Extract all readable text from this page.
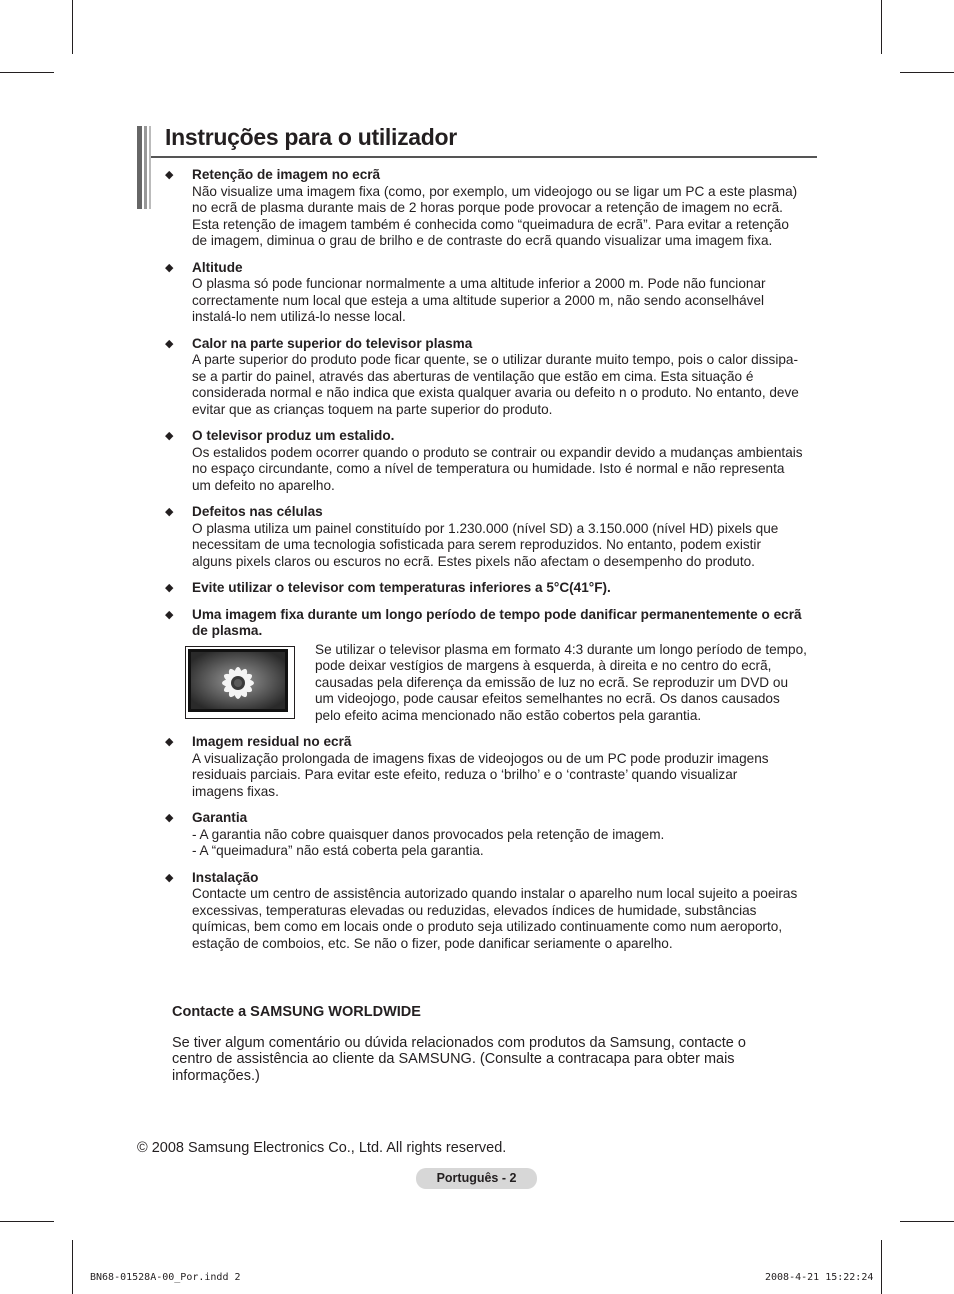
Instruções para o utilizador
◆ Retenção de imagem no ecrã
Não visualize uma imagem fixa (como, por exemplo, um videojogo ou se ligar um PC a este plasma)
no ecrã de plasma durante mais de 2 horas porque pode provocar a retenção de imagem no ecrã.
Esta retenção de imagem também é conhecida como “queimadura de ecrã”. Para evitar a retenção
de imagem, diminua o grau de brilho e de contraste do ecrã quando visualizar uma imagem fixa.
◆ Altitude
O plasma só pode funcionar normalmente a uma altitude inferior a 2000 m. Pode não funcionar
correctamente num local que esteja a uma altitude superior a 2000 m, não sendo aconselhável
instalá-lo nem utilizá-lo nesse local.
◆ Calor na parte superior do televisor plasma
A parte superior do produto pode ficar quente, se o utilizar durante muito tempo, pois o calor dissipa-
se a partir do painel, através das aberturas de ventilação que estão em cima. Esta situação é
considerada normal e não indica que exista qualquer avaria ou defeito n o produto. No entanto, deve
evitar que as crianças toquem na parte superior do produto.
◆ O televisor produz um estalido.
Os estalidos podem ocorrer quando o produto se contrair ou expandir devido a mudanças ambientais
no espaço circundante, como a nível de temperatura ou humidade. Isto é normal e não representa
um defeito no aparelho.
◆ Defeitos nas células
O plasma utiliza um painel constituído por 1.230.000 (nível SD) a 3.150.000 (nível HD) pixels que
necessitam de uma tecnologia sofisticada para serem reproduzidos. No entanto, podem existir
alguns pixels claros ou escuros no ecrã. Estes pixels não afectam o desempenho do produto.
◆ Evite utilizar o televisor com temperaturas inferiores a 5°C(41°F).
◆ Uma imagem fixa durante um longo período de tempo pode danificar permanentemente o ecrã
de plasma.
Se utilizar o televisor plasma em formato 4:3 durante um longo período de tempo,
pode deixar vestígios de margens à esquerda, à direita e no centro do ecrã,
causadas pela diferença da emissão de luz no ecrã. Se reproduzir um DVD ou
um videojogo, pode causar efeitos semelhantes no ecrã. Os danos causados
pelo efeito acima mencionado não estão cobertos pela garantia.
◆ Imagem residual no ecrã
A visualização prolongada de imagens fixas de videojogos ou de um PC pode produzir imagens
residuais parciais. Para evitar este efeito, reduza o ‘brilho’ e o ‘contraste’ quando visualizar
imagens fixas.
◆ Garantia
- A garantia não cobre quaisquer danos provocados pela retenção de imagem.
- A “queimadura” não está coberta pela garantia.
◆ Instalação
Contacte um centro de assistência autorizado quando instalar o aparelho num local sujeito a poeiras
excessivas, temperaturas elevadas ou reduzidas, elevados índices de humidade, substâncias
químicas, bem como em locais onde o produto seja utilizado continuamente como num aeroporto,
estação de comboios, etc. Se não o fizer, pode danificar seriamente o aparelho.
Contacte a SAMSUNG WORLDWIDE
Se tiver algum comentário ou dúvida relacionados com produtos da Samsung, contacte o
centro de assistência ao cliente da SAMSUNG. (Consulte a contracapa para obter mais
informações.)
© 2008 Samsung Electronics Co., Ltd. All rights reserved.
Português - 2
BN68-01528A-00_Por.indd 2	2008-4-21 15:22:24
